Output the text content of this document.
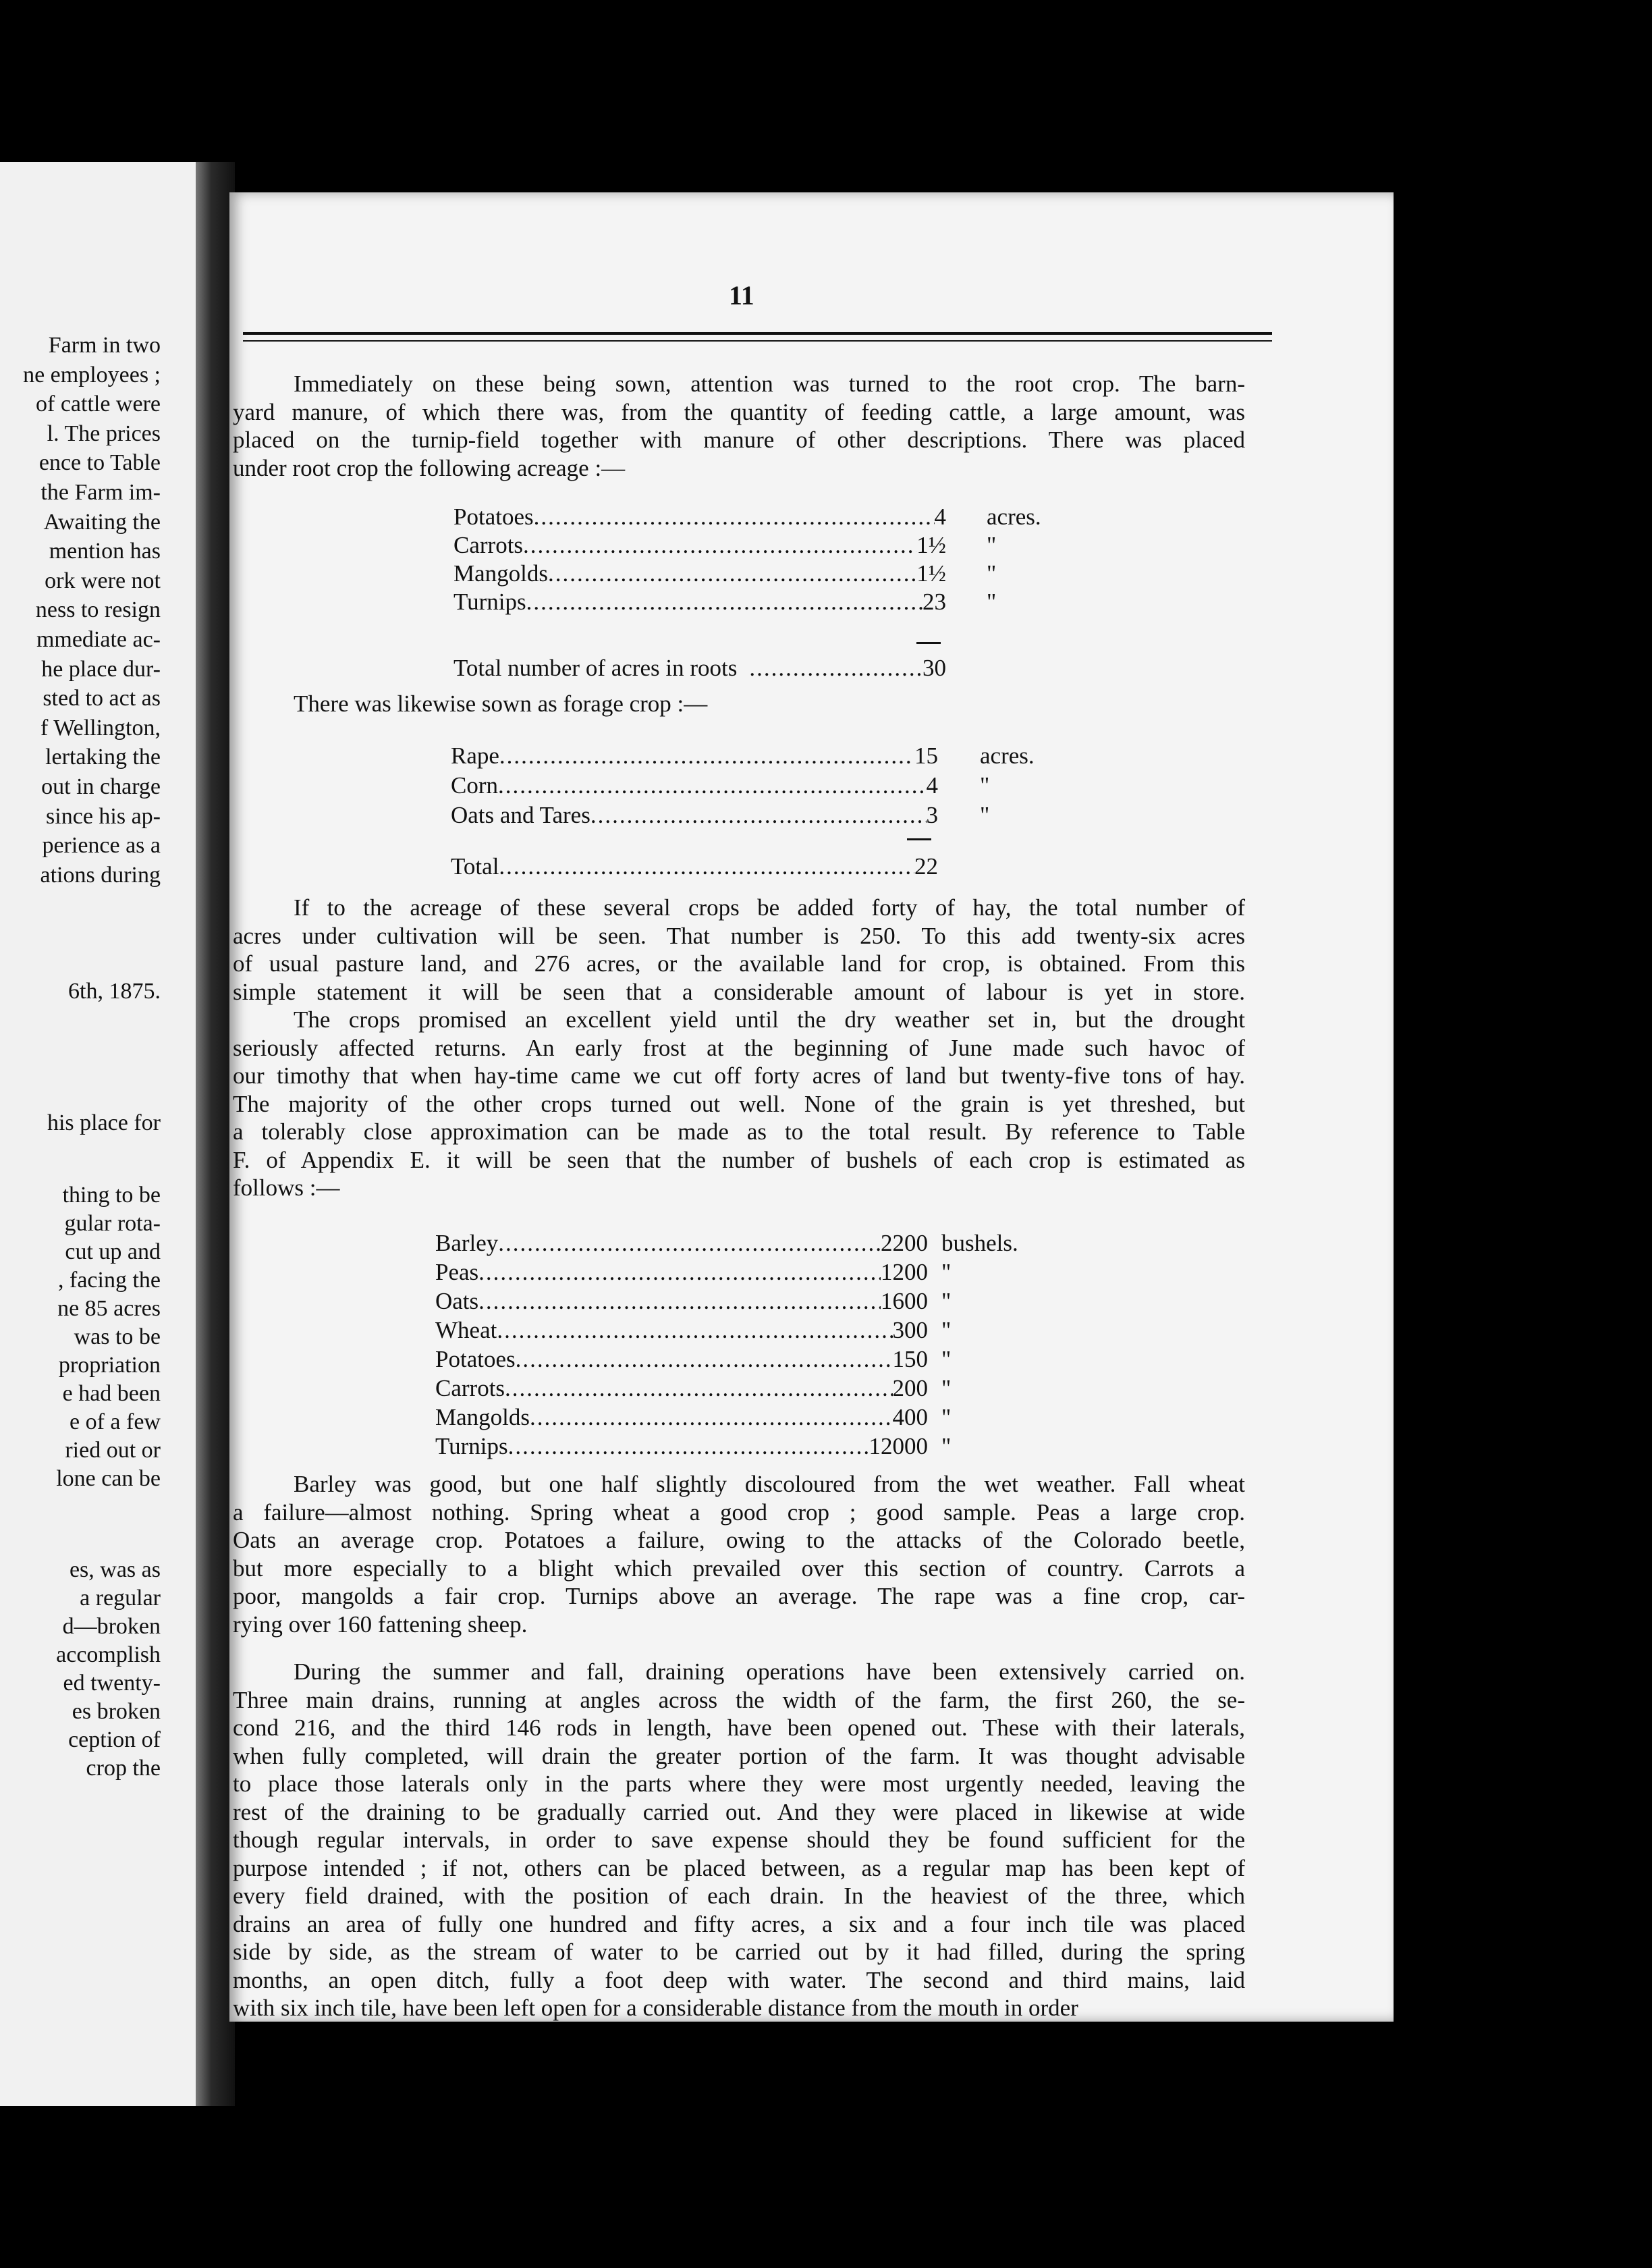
Farm in two
ne employees ;
of cattle were
l. The prices
ence to Table
the Farm im-
Awaiting the
mention has
ork were not
ness to resign
mmediate ac-
he place dur-
sted to act as
f Wellington,
lertaking the
out in charge
since his ap-
perience as a
ations during
6th, 1875.
his place for
thing to be
gular rota-
cut up and
, facing the
ne 85 acres
was to be
propriation
e had been
e of a few
ried out or
lone can be
es, was as
a regular
d—broken
accomplish
ed twenty-
es broken
ception of
crop the
11
Immediately on these being sown, attention was turned to the root crop. The barn-
yard manure, of which there was, from the quantity of feeding cattle, a large amount, was
placed on the turnip-field together with manure of other descriptions. There was placed
under root crop the following acreage :—
Potatoes .....	4 acres.
Carrots .....	1½ "
Mangolds .....	1½ "
Turnips .....	23 "
Total number of acres in roots .....	30
There was likewise sown as forage crop :—
Rape .....	15 acres.
Corn .....	4 "
Oats and Tares .....	3 "
Total .....	22
If to the acreage of these several crops be added forty of hay, the total number of
acres under cultivation will be seen. That number is 250. To this add twenty-six acres
of usual pasture land, and 276 acres, or the available land for crop, is obtained. From this
simple statement it will be seen that a considerable amount of labour is yet in store.
The crops promised an excellent yield until the dry weather set in, but the drought
seriously affected returns. An early frost at the beginning of June made such havoc of
our timothy that when hay-time came we cut off forty acres of land but twenty-five tons of hay.
The majority of the other crops turned out well. None of the grain is yet threshed, but
a tolerably close approximation can be made as to the total result. By reference to Table
F. of Appendix E. it will be seen that the number of bushels of each crop is estimated as
follows :—
Barley .....	2200 bushels.
Peas .....	1200 "
Oats .....	1600 "
Wheat .....	300 "
Potatoes .....	150 "
Carrots .....	200 "
Mangolds .....	400 "
Turnips .....	12000 "
Barley was good, but one half slightly discoloured from the wet weather. Fall wheat
a failure—almost nothing. Spring wheat a good crop ; good sample. Peas a large crop.
Oats an average crop. Potatoes a failure, owing to the attacks of the Colorado beetle,
but more especially to a blight which prevailed over this section of country. Carrots a
poor, mangolds a fair crop. Turnips above an average. The rape was a fine crop, car-
rying over 160 fattening sheep.
During the summer and fall, draining operations have been extensively carried on.
Three main drains, running at angles across the width of the farm, the first 260, the se-
cond 216, and the third 146 rods in length, have been opened out. These with their laterals,
when fully completed, will drain the greater portion of the farm. It was thought advisable
to place those laterals only in the parts where they were most urgently needed, leaving the
rest of the draining to be gradually carried out. And they were placed in likewise at wide
though regular intervals, in order to save expense should they be found sufficient for the
purpose intended ; if not, others can be placed between, as a regular map has been kept of
every field drained, with the position of each drain. In the heaviest of the three, which
drains an area of fully one hundred and fifty acres, a six and a four inch tile was placed
side by side, as the stream of water to be carried out by it had filled, during the spring
months, an open ditch, fully a foot deep with water. The second and third mains, laid
with six inch tile, have been left open for a considerable distance from the mouth in order
